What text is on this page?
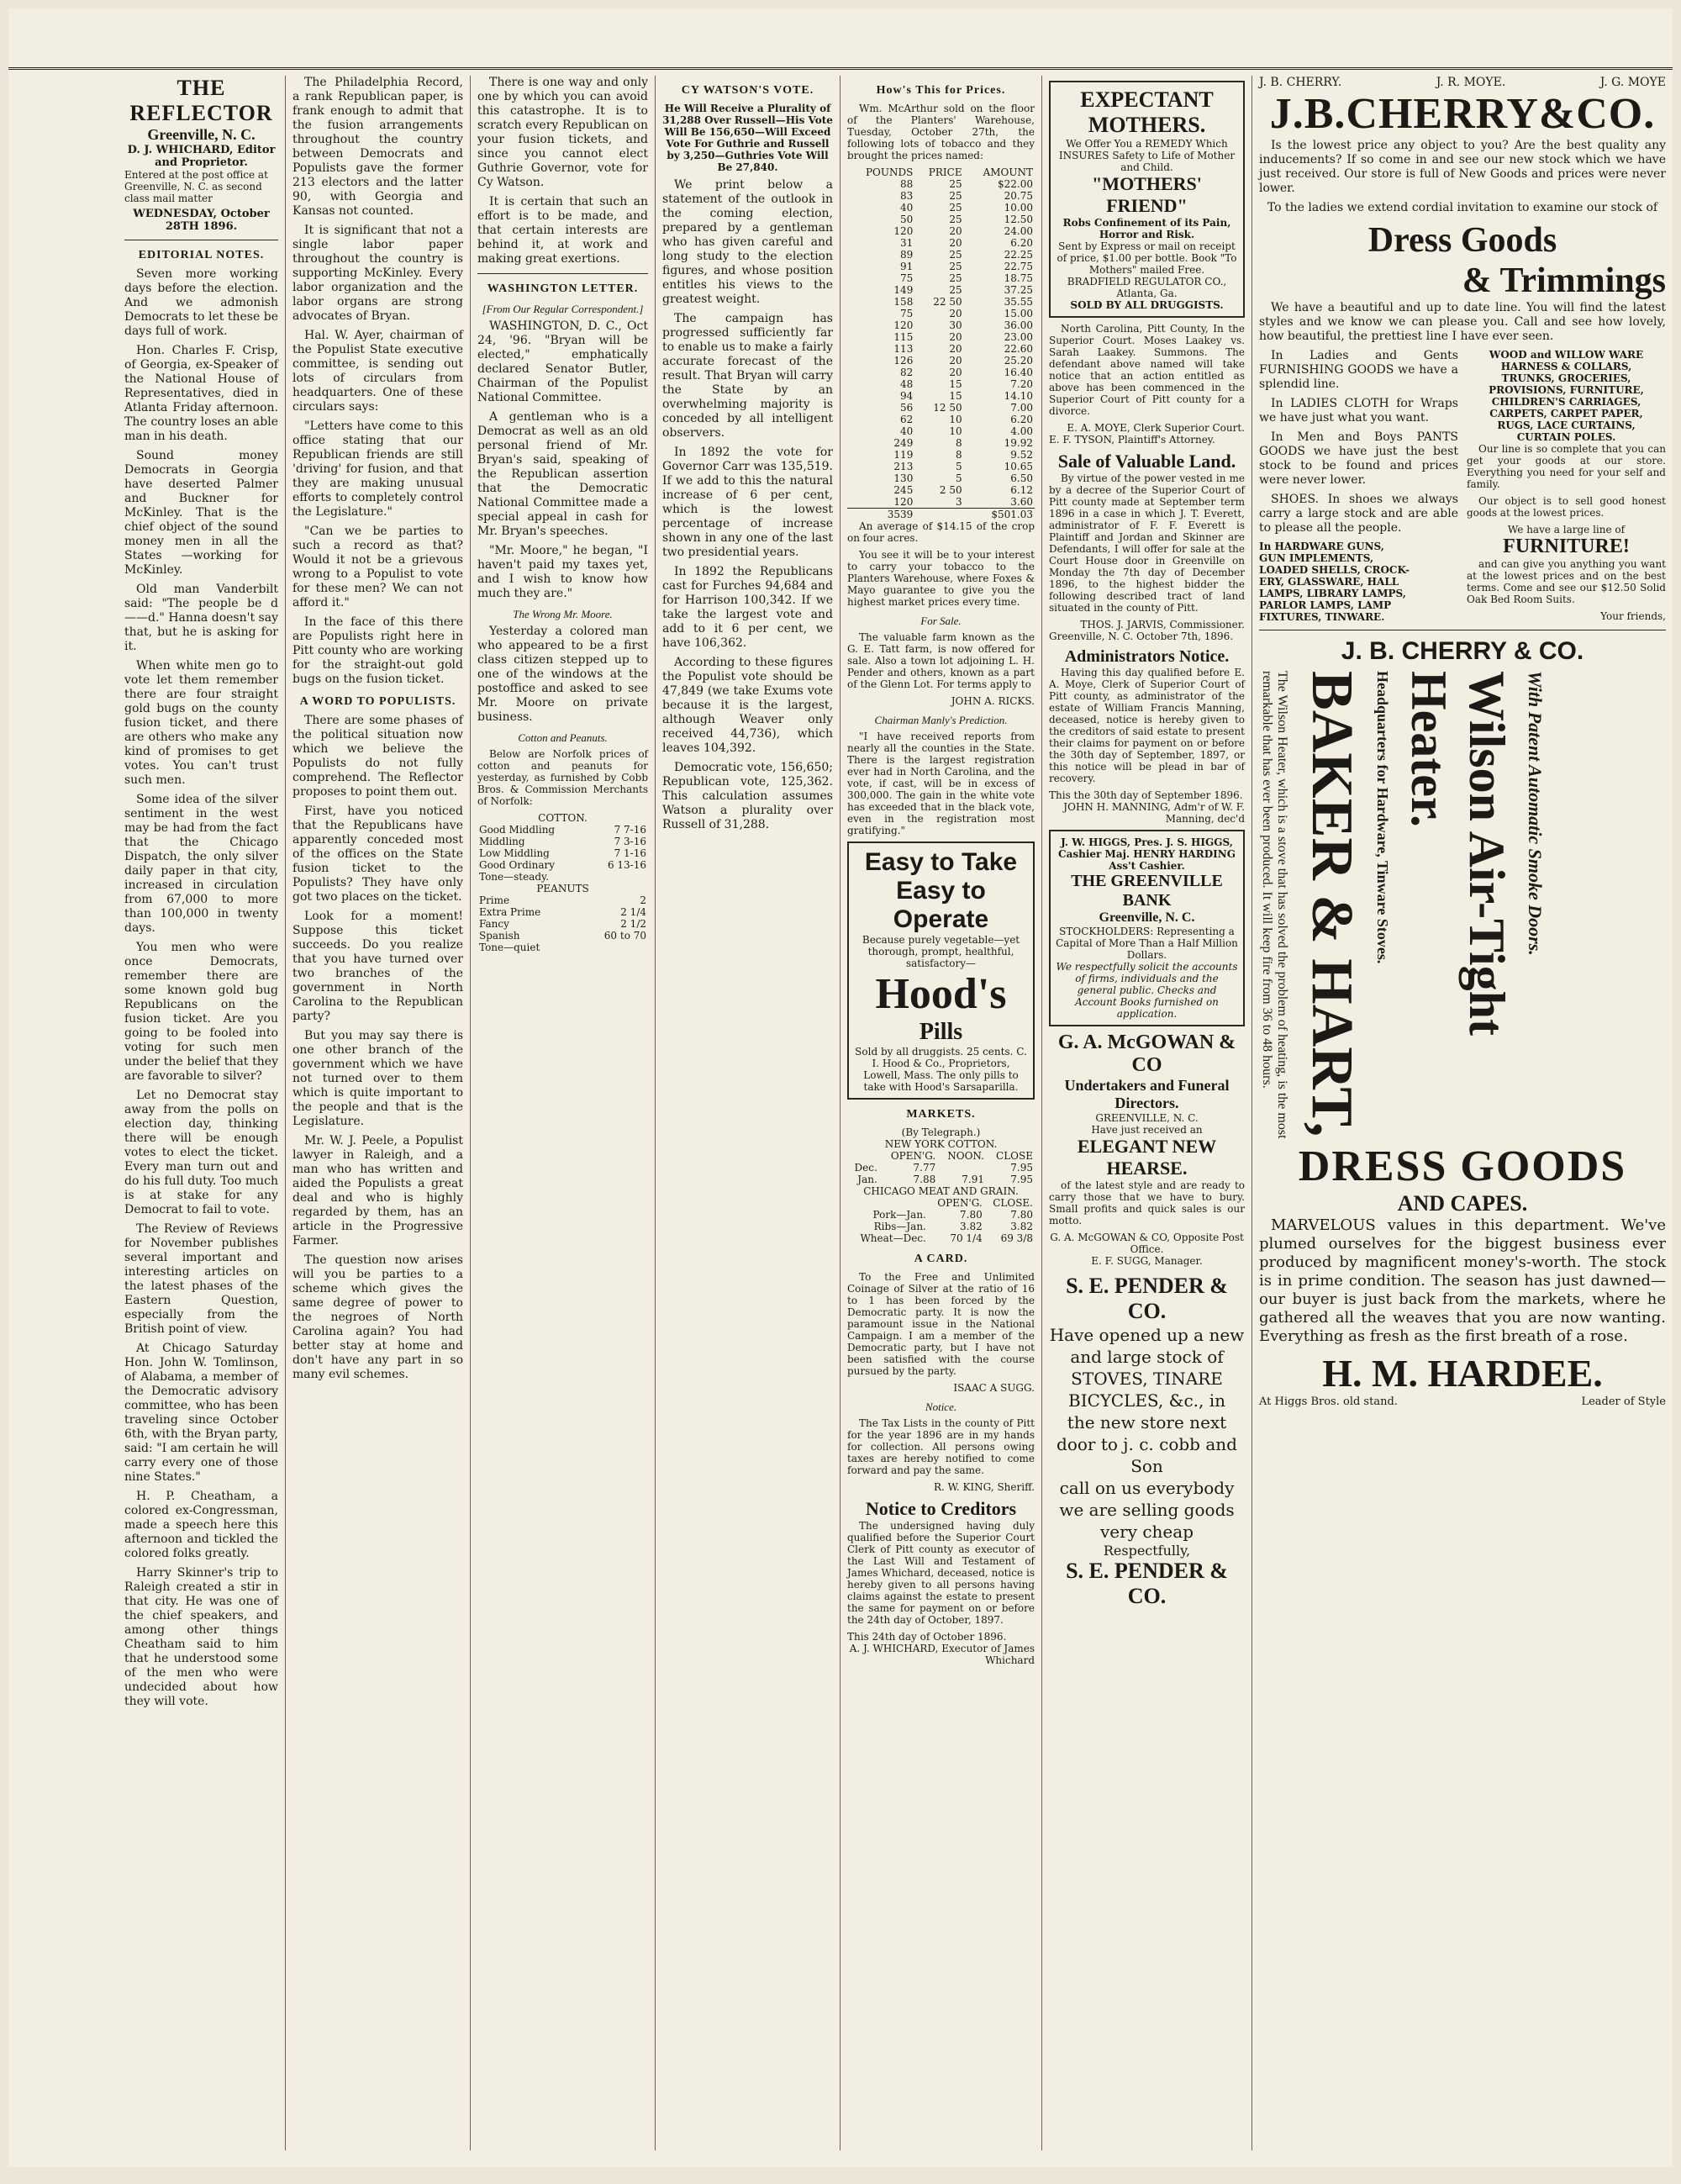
THE REFLECTOR
Greenville, N. C.
D. J. WHICHARD, Editor and Proprietor.
Entered at the post office at Greenville, N. C. as second class mail matter
WEDNESDAY, October 28TH 1896.
EDITORIAL NOTES.

Seven more working days before the election. And we admonish Democrats to let these be days full of work.

Hon. Charles F. Crisp, of Georgia, ex-Speaker of the National House of Representatives, died in Atlanta Friday afternoon. The country loses an able man in his death.

Sound money Democrats in Georgia have deserted Palmer and Buckner for McKinley. That is the chief object of the sound money men in all the States —working for McKinley.

Old man Vanderbilt said: "The people be d——d." Hanna doesn't say that, but he is asking for it.

When white men go to vote let them remember there are four straight gold bugs on the county fusion ticket, and there are others who make any kind of promises to get votes. You can't trust such men.

Some idea of the silver sentiment in the west may be had from the fact that the Chicago Dispatch, the only silver daily paper in that city, increased in circulation from 67,000 to more than 100,000 in twenty days.

You men who were once Democrats, remember there are some known gold bug Republicans on the fusion ticket. Are you going to be fooled into voting for such men under the belief that they are favorable to silver?

Let no Democrat stay away from the polls on election day, thinking there will be enough votes to elect the ticket. Every man turn out and do his full duty. Too much is at stake for any Democrat to fail to vote.

The Review of Reviews for November publishes several important and interesting articles on the latest phases of the Eastern Question, especially from the British point of view.

At Chicago Saturday Hon. John W. Tomlinson, of Alabama, a member of the Democratic advisory committee, who has been traveling since October 6th, with the Bryan party, said: "I am certain he will carry every one of those nine States."

H. P. Cheatham, a colored ex-Congressman, made a speech here this afternoon and tickled the colored folks greatly.

Harry Skinner's trip to Raleigh created a stir in that city. He was one of the chief speakers, and among other things Cheatham said to him that he understood some of the men who were undecided about how they will vote.

The Philadelphia Record, a rank Republican paper, is frank enough to admit that the fusion arrangements throughout the country between Democrats and Populists gave the former 213 electors and the latter 90, with Georgia and Kansas not counted.

It is significant that not a single labor paper throughout the country is supporting McKinley. Every labor organization and the labor organs are strong advocates of Bryan.

Hal. W. Ayer, chairman of the Populist State executive committee, is sending out lots of circulars from headquarters. One of these circulars says:

"Letters have come to this office stating that our Republican friends are still 'driving' for fusion, and that they are making unusual efforts to completely control the Legislature."

"Can we be parties to such a record as that? Would it not be a grievous wrong to a Populist to vote for these men? We can not afford it."

In the face of this there are Populists right here in Pitt county who are working for the straight-out gold bugs on the fusion ticket.

A WORD TO POPULISTS.

There are some phases of the political situation now which we believe the Populists do not fully comprehend. The Reflector proposes to point them out.

First, have you noticed that the Republicans have apparently conceded most of the offices on the State fusion ticket to the Populists? They have only got two places on the ticket.

Look for a moment! Suppose this ticket succeeds. Do you realize that you have turned over two branches of the government in North Carolina to the Republican party?

But you may say there is one other branch of the government which we have not turned over to them which is quite important to the people and that is the Legislature.

Mr. W. J. Peele, a Populist lawyer in Raleigh, and a man who has written and aided the Populists a great deal and who is highly regarded by them, has an article in the Progressive Farmer.

The question now arises will you be parties to a scheme which gives the same degree of power to the negroes of North Carolina again? You had better stay at home and don't have any part in so many evil schemes.

There is one way and only one by which you can avoid this catastrophe. It is to scratch every Republican on your fusion tickets, and since you cannot elect Guthrie Governor, vote for Cy Watson.

It is certain that such an effort is to be made, and that certain interests are behind it, at work and making great exertions.

WASHINGTON LETTER.
[From Our Regular Correspondent.]

WASHINGTON, D. C., Oct 24, '96. "Bryan will be elected," emphatically declared Senator Butler, Chairman of the Populist National Committee.

A gentleman who is a Democrat as well as an old personal friend of Mr. Bryan's said, speaking of the Republican assertion that the Democratic National Committee made a special appeal in cash for Mr. Bryan's speeches.

"Mr. Moore," he began, "I haven't paid my taxes yet, and I wish to know how much they are."

The Wrong Mr. Moore.

Yesterday a colored man who appeared to be a first class citizen stepped up to one of the windows at the postoffice and asked to see Mr. Moore on private business.

Cotton and Peanuts.

Below are Norfolk prices of cotton and peanuts for yesterday, as furnished by Cobb Bros. & Commission Merchants of Norfolk:

COTTON.
Good Middling	7 7-16
Middling	7 3-16
Low Middling	7 1-16
Good Ordinary	6 13-16
Tone—steady.	
PEANUTS
Prime	2
Extra Prime	2 1/4
Fancy	2 1/2
Spanish	60 to 70
Tone—quiet	
CY WATSON'S VOTE.

He Will Receive a Plurality of 31,288 Over Russell—His Vote Will Be 156,650—Will Exceed Vote For Guthrie and Russell by 3,250—Guthries Vote Will Be 27,840.

We print below a statement of the outlook in the coming election, prepared by a gentleman who has given careful and long study to the election figures, and whose position entitles his views to the greatest weight.

The campaign has progressed sufficiently far to enable us to make a fairly accurate forecast of the result. That Bryan will carry the State by an overwhelming majority is conceded by all intelligent observers.

In 1892 the vote for Governor Carr was 135,519. If we add to this the natural increase of 6 per cent, which is the lowest percentage of increase shown in any one of the last two presidential years.

In 1892 the Republicans cast for Furches 94,684 and for Harrison 100,342. If we take the largest vote and add to it 6 per cent, we have 106,362.

According to these figures the Populist vote should be 47,849 (we take Exums vote because it is the largest, although Weaver only received 44,736), which leaves 104,392.

Democratic vote, 156,650; Republican vote, 125,362. This calculation assumes Watson a plurality over Russell of 31,288.

How's This for Prices.

Wm. McArthur sold on the floor of the Planters' Warehouse, Tuesday, October 27th, the following lots of tobacco and they brought the prices named:

POUNDS	PRICE	AMOUNT
88	25	$22.00
83	25	20.75
40	25	10.00
50	25	12.50
120	20	24.00
31	20	6.20
89	25	22.25
91	25	22.75
75	25	18.75
149	25	37.25
158	22 50	35.55
75	20	15.00
120	30	36.00
115	20	23.00
113	20	22.60
126	20	25.20
82	20	16.40
48	15	7.20
94	15	14.10
56	12 50	7.00
62	10	6.20
40	10	4.00
249	8	19.92
119	8	9.52
213	5	10.65
130	5	6.50
245	2 50	6.12
120	3	3.60
3539		$501.03

An average of $14.15 of the crop on four acres.

You see it will be to your interest to carry your tobacco to the Planters Warehouse, where Foxes & Mayo guarantee to give you the highest market prices every time.

For Sale.

The valuable farm known as the G. E. Tatt farm, is now offered for sale. Also a town lot adjoining L. H. Pender and others, known as a part of the Glenn Lot. For terms apply to

JOHN A. RICKS.
Chairman Manly's Prediction.

"I have received reports from nearly all the counties in the State. There is the largest registration ever had in North Carolina, and the vote, if cast, will be in excess of 300,000. The gain in the white vote has exceeded that in the black vote, even in the registration most gratifying."

Easy to Take
Easy to Operate
Because purely vegetable—yet thorough, prompt, healthful, satisfactory—
Hood's Pills
Sold by all druggists. 25 cents. C. I. Hood & Co., Proprietors, Lowell, Mass. The only pills to take with Hood's Sarsaparilla.
MARKETS.
(By Telegraph.)
NEW YORK COTTON.
	OPEN'G.	NOON.	CLOSE
Dec.	7.77		7.95
Jan.	7.88	7.91	7.95
CHICAGO MEAT AND GRAIN.
	OPEN'G.	CLOSE.
Pork—Jan.	7.80	7.80
Ribs—Jan.	3.82	3.82
Wheat—Dec.	70 1/4	69 3/8
A CARD.

To the Free and Unlimited Coinage of Silver at the ratio of 16 to 1 has been forced by the Democratic party. It is now the paramount issue in the National Campaign. I am a member of the Democratic party, but I have not been satisfied with the course pursued by the party.

ISAAC A SUGG.
Notice.

The Tax Lists in the county of Pitt for the year 1896 are in my hands for collection. All persons owing taxes are hereby notified to come forward and pay the same.

R. W. KING, Sheriff.
Notice to Creditors

The undersigned having duly qualified before the Superior Court Clerk of Pitt county as executor of the Last Will and Testament of James Whichard, deceased, notice is hereby given to all persons having claims against the estate to present the same for payment on or before the 24th day of October, 1897.

This 24th day of October 1896.
A. J. WHICHARD, Executor of James Whichard
EXPECTANT
MOTHERS.
We Offer You a REMEDY Which INSURES Safety to Life of Mother and Child.
"MOTHERS' FRIEND"
Robs Confinement of its Pain, Horror and Risk.
Sent by Express or mail on receipt of price, $1.00 per bottle. Book "To Mothers" mailed Free.
BRADFIELD REGULATOR CO., Atlanta, Ga.
SOLD BY ALL DRUGGISTS.

North Carolina, Pitt County, In the Superior Court. Moses Laakey vs. Sarah Laakey. Summons. The defendant above named will take notice that an action entitled as above has been commenced in the Superior Court of Pitt county for a divorce.

E. A. MOYE, Clerk Superior Court.
E. F. TYSON, Plaintiff's Attorney.
Sale of Valuable Land.

By virtue of the power vested in me by a decree of the Superior Court of Pitt county made at September term 1896 in a case in which J. T. Everett, administrator of F. F. Everett is Plaintiff and Jordan and Skinner are Defendants, I will offer for sale at the Court House door in Greenville on Monday the 7th day of December 1896, to the highest bidder the following described tract of land situated in the county of Pitt.

THOS. J. JARVIS, Commissioner.
Greenville, N. C. October 7th, 1896.
Administrators Notice.

Having this day qualified before E. A. Moye, Clerk of Superior Court of Pitt county, as administrator of the estate of William Francis Manning, deceased, notice is hereby given to the creditors of said estate to present their claims for payment on or before the 30th day of September, 1897, or this notice will be plead in bar of recovery.

This the 30th day of September 1896.
JOHN H. MANNING, Adm'r of W. F. Manning, dec'd
J. W. HIGGS, Pres. J. S. HIGGS, Cashier Maj. HENRY HARDING Ass't Cashier.
THE GREENVILLE BANK
Greenville, N. C.
STOCKHOLDERS: Representing a Capital of More Than a Half Million Dollars.
We respectfully solicit the accounts of firms, individuals and the general public. Checks and Account Books furnished on application.
G. A. McGOWAN & CO
Undertakers and Funeral Directors.
GREENVILLE, N. C.
Have just received an
ELEGANT NEW HEARSE.

of the latest style and are ready to carry those that we have to bury. Small profits and quick sales is our motto.

G. A. McGOWAN & CO, Opposite Post Office.
E. F. SUGG, Manager.
S. E. PENDER & CO.
Have opened up a new
and large stock of
STOVES, TINARE
BICYCLES, &c., in
the new store next
door to j. c. cobb and
Son
call on us everybody
we are selling goods
very cheap
Respectfully,
S. E. PENDER & CO.
J. B. CHERRY.	J. R. MOYE.	J. G. MOYE
J.B.CHERRY&CO.

Is the lowest price any object to you? Are the best quality any inducements? If so come in and see our new stock which we have just received. Our store is full of New Goods and prices were never lower.

To the ladies we extend cordial invitation to examine our stock of

Dress Goods
& Trimmings

We have a beautiful and up to date line. You will find the latest styles and we know we can please you. Call and see how lovely, how beautiful, the prettiest line I have ever seen.

In Ladies and Gents FURNISHING GOODS we have a splendid line.

In LADIES CLOTH for Wraps we have just what you want.

In Men and Boys PANTS GOODS we have just the best stock to be found and prices were never lower.

SHOES. In shoes we always carry a large stock and are able to please all the people.

In HARDWARE GUNS,
GUN IMPLEMENTS,
LOADED SHELLS, CROCK-
ERY, GLASSWARE, HALL
LAMPS, LIBRARY LAMPS,
PARLOR LAMPS, LAMP
FIXTURES, TINWARE.
WOOD and WILLOW WARE
HARNESS & COLLARS,
TRUNKS, GROCERIES,
PROVISIONS, FURNITURE,
CHILDREN'S CARRIAGES,
CARPETS, CARPET PAPER,
RUGS, LACE CURTAINS,
CURTAIN POLES.

Our line is so complete that you can get your goods at our store. Everything you need for your self and family.

Our object is to sell good honest goods at the lowest prices.

We have a large line of
FURNITURE!

and can give you anything you want at the lowest prices and on the best terms. Come and see our $12.50 Solid Oak Bed Room Suits.

Your friends,
J. B. CHERRY & CO.
The Wilson Heater, which is a stove that has solved the problem of heating, is the most remarkable that has ever been produced. It will keep fire from 36 to 48 hours. BAKER & HART, Headquarters for Hardware, Tinware Stoves.	Wilson Air-Tight Heater.	With Patent Automatic Smoke Doors.
DRESS GOODS
AND CAPES.

MARVELOUS values in this department. We've plumed ourselves for the biggest business ever produced by magnificent money's-worth. The stock is in prime condition. The season has just dawned—our buyer is just back from the markets, where he gathered all the weaves that you are now wanting. Everything as fresh as the first breath of a rose.

H. M. HARDEE.
At Higgs Bros. old stand.	Leader of Style
